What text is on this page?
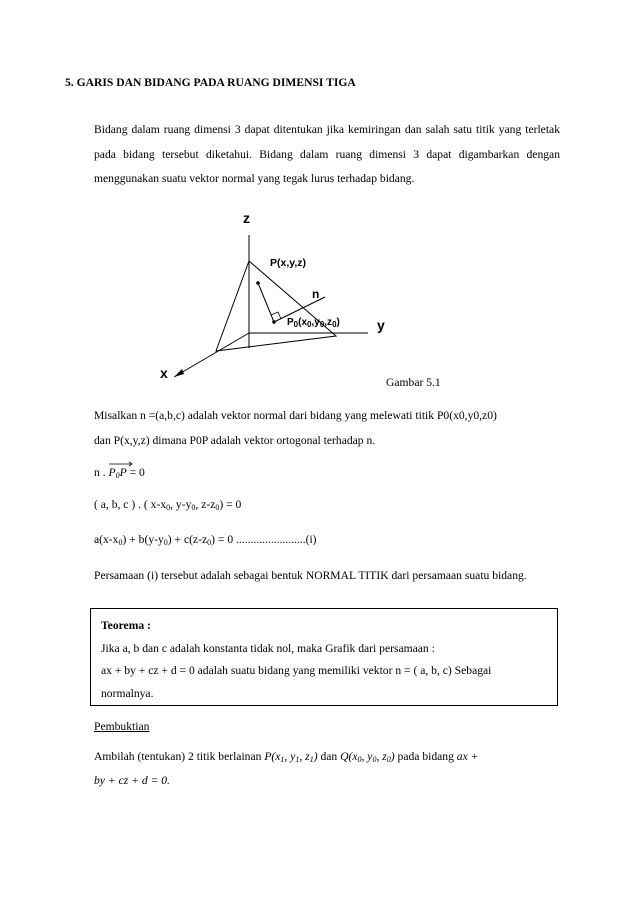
5. GARIS DAN BIDANG PADA RUANG DIMENSI TIGA
Bidang dalam ruang dimensi 3 dapat ditentukan jika kemiringan dan salah satu titik yang terletak pada bidang tersebut diketahui. Bidang dalam ruang dimensi 3 dapat digambarkan dengan menggunakan suatu vektor normal yang tegak lurus terhadap bidang.
z
y
x
n
P(x,y,z)
$P_0(x_0,y_0,z_0)$
Gambar 5.1
Misalkan n =(a,b,c) adalah vektor normal dari bidang yang melewati titik P0(x0,y0,z0)
dan P(x,y,z) dimana P0P adalah vektor ortogonal terhadap n.
n .
$P_0P = 0$
( a, b, c ) . ( $x-x_0$, $y-y_0$, $z-z_0) = 0$
$a(x-x_0) + b(y-y_0) + c(z-z_0) = 0$ ........................(i)
Persamaan (i) tersebut adalah sebagai bentuk NORMAL TITIK dari persamaan suatu bidang.
Teorema :
Jika a, b dan c adalah konstanta tidak nol, maka Grafik dari persamaan :
ax + by + cz + d = 0 adalah suatu bidang yang memiliki vektor n = ( a, b, c) Sebagai
normalnya.
Pembuktian
Ambilah (tentukan) 2 titik berlainan $P(x_1$, $y_1$, $z_1$) dan $Q(x_0$, $y_0$, $z_0$) pada bidang ax +
by + cz + d = 0.
